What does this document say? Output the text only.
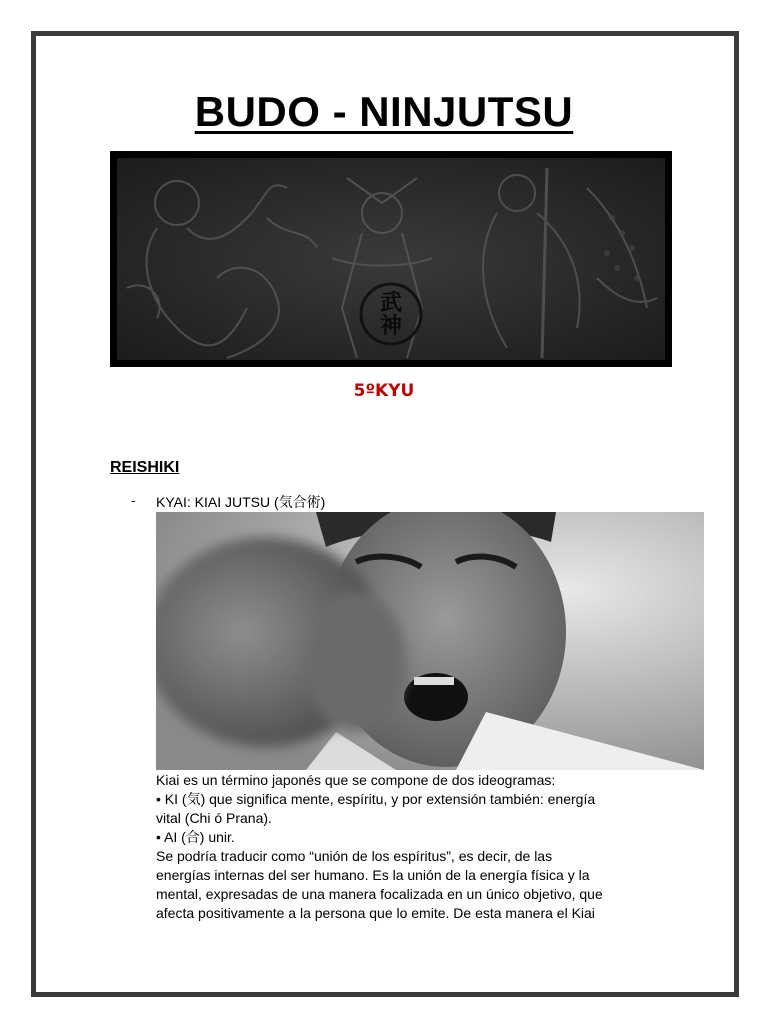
BUDO - NINJUTSU
武
神
5ºKYU
REISHIKI
- KYAI: KIAI JUTSU (気合術)

Kiai es un término japonés que se compone de dos ideogramas:

• KI (気) que significa mente, espíritu, y por extensión también: energía

vital (Chi ó Prana).

• AI (合) unir.

Se podría traducir como “unión de los espíritus”, es decir, de las

energías internas del ser humano. Es la unión de la energía física y la

mental, expresadas de una manera focalizada en un único objetivo, que

afecta positivamente a la persona que lo emite. De esta manera el Kiai
